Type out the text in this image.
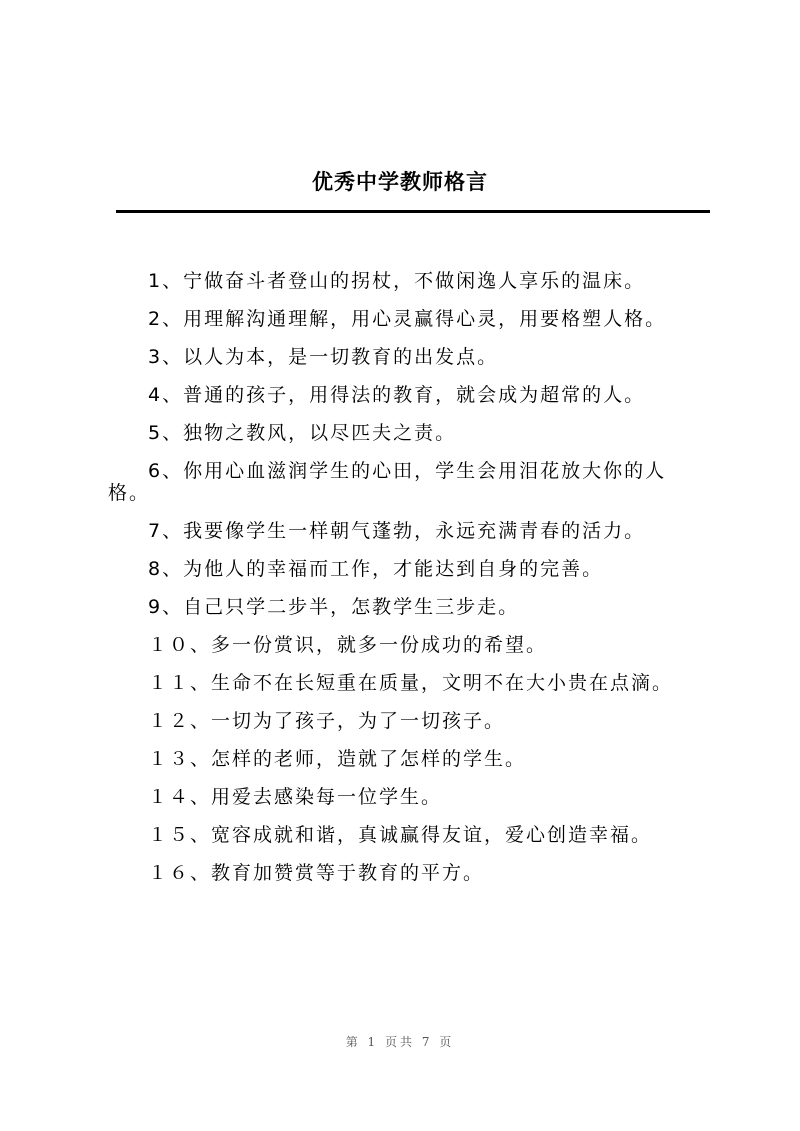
优秀中学教师格言

1、宁做奋斗者登山的拐杖，不做闲逸人享乐的温床。

2、用理解沟通理解，用心灵赢得心灵，用要格塑人格。

3、以人为本，是一切教育的出发点。

4、普通的孩子，用得法的教育，就会成为超常的人。

5、独物之教风，以尽匹夫之责。

6、你用心血滋润学生的心田，学生会用泪花放大你的人格。

7、我要像学生一样朝气蓬勃，永远充满青春的活力。

8、为他人的幸福而工作，才能达到自身的完善。

9、自己只学二步半，怎教学生三步走。

１０、多一份赏识，就多一份成功的希望。

１１、生命不在长短重在质量，文明不在大小贵在点滴。

１２、一切为了孩子，为了一切孩子。

１３、怎样的老师，造就了怎样的学生。

１４、用爱去感染每一位学生。

１５、宽容成就和谐，真诚赢得友谊，爱心创造幸福。

１６、教育加赞赏等于教育的平方。

第 1 页共 7 页
